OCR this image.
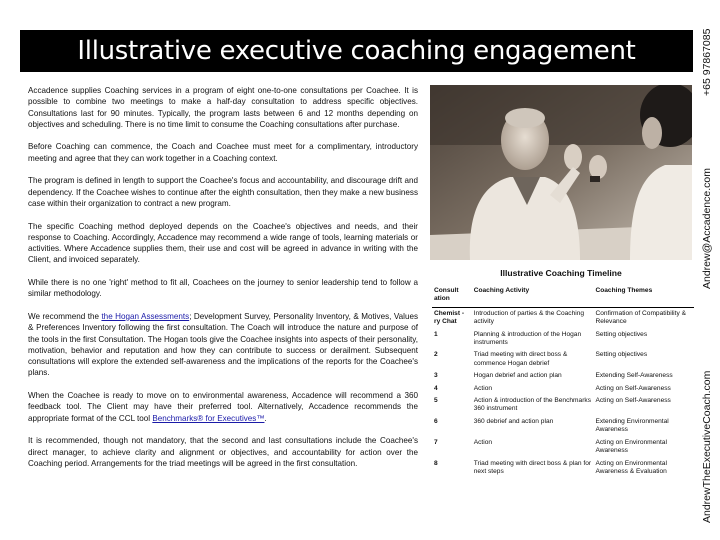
Illustrative executive coaching engagement

Accadence supplies Coaching services in a program of eight one-to-one consultations per Coachee. It is possible to combine two meetings to make a half-day consultation to address specific objectives. Consultations last for 90 minutes. Typically, the program lasts between 6 and 12 months depending on objectives and scheduling. There is no time limit to consume the Coaching consultations after purchase.

Before Coaching can commence, the Coach and Coachee must meet for a complimentary, introductory meeting and agree that they can work together in a Coaching context.

The program is defined in length to support the Coachee's focus and accountability, and discourage drift and dependency. If the Coachee wishes to continue after the eighth consultation, then they make a new business case within their organization to contract a new program.

The specific Coaching method deployed depends on the Coachee's objectives and needs, and their response to Coaching. Accordingly, Accadence may recommend a wide range of tools, learning materials or activities. Where Accadence supplies them, their use and cost will be agreed in advance in writing with the Client, and invoiced separately.

While there is no one 'right' method to fit all, Coachees on the journey to senior leadership tend to follow a similar methodology.

We recommend the the Hogan Assessments; Development Survey, Personality Inventory, & Motives, Values & Preferences Inventory following the first consultation. The Coach will introduce the nature and purpose of the tools in the first Consultation. The Hogan tools give the Coachee insights into aspects of their personality, motivation, behavior and reputation and how they can contribute to success or derailment. Subsequent consultations will explore the extended self-awareness and the implications of the reports for the Coachee's plans.

When the Coachee is ready to move on to environmental awareness, Accadence will recommend a 360 feedback tool. The Client may have their preferred tool. Alternatively, Accadence recommends the appropriate format of the CCL tool Benchmarks® for Executives™.

It is recommended, though not mandatory, that the second and last consultations include the Coachee's direct manager, to achieve clarity and alignment or objectives, and accountability for action over the Coaching period. Arrangements for the triad meetings will be agreed in the first consultation.

+65 97867085
Andrew@Accadence.com
AndrewTheExecutiveCoach.com
Illustrative Coaching Timeline
Consult ation	Coaching Activity	Coaching Themes
Chemist -ry Chat	Introduction of parties & the Coaching activity	Confirmation of Compatibility & Relevance
1	Planning & introduction of the Hogan instruments	Setting objectives
2	Triad meeting with direct boss & commence Hogan debrief	Setting objectives
3	Hogan debrief and action plan	Extending Self-Awareness
4	Action	Acting on Self-Awareness
5	Action & introduction of the Benchmarks 360 instrument	Acting on Self-Awareness
6	360 debrief and action plan	Extending Environmental Awareness
7	Action	Acting on Environmental Awareness
8	Triad meeting with direct boss & plan for next steps	Acting on Environmental Awareness & Evaluation
